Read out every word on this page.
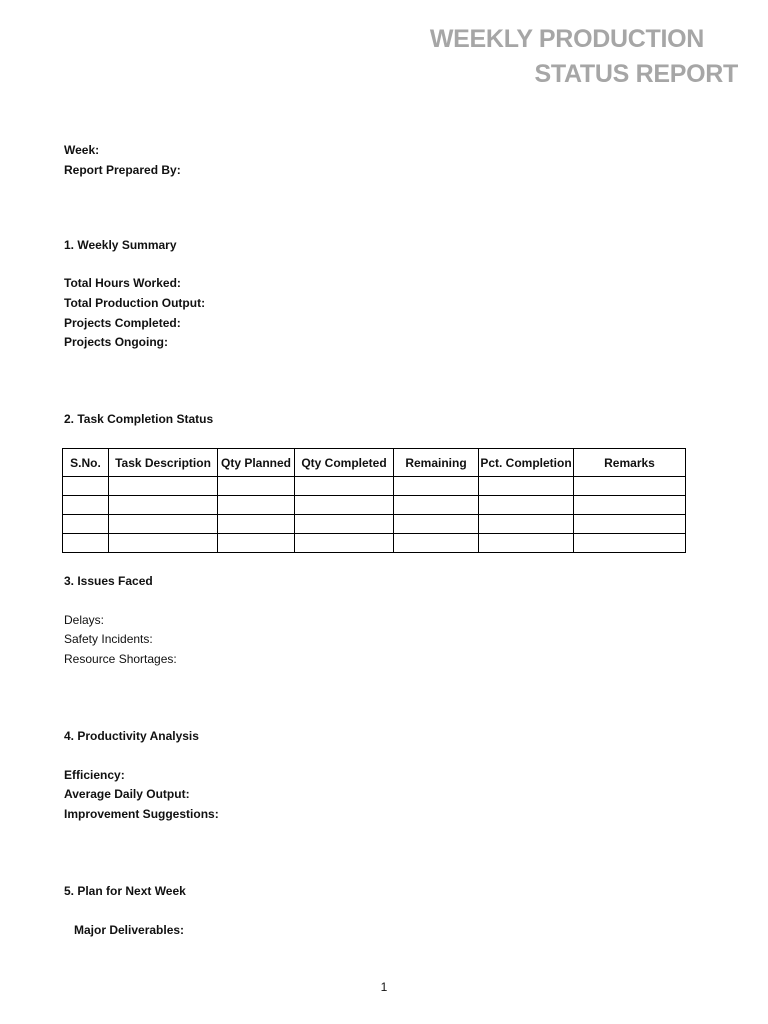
WEEKLY PRODUCTION
STATUS REPORT
Week:
Report Prepared By:
1. Weekly Summary
Total Hours Worked:
Total Production Output:
Projects Completed:
Projects Ongoing:
2. Task Completion Status
S.No.	Task Description	Qty Planned	Qty Completed	Remaining	Pct. Completion	Remarks

3. Issues Faced
Delays:
Safety Incidents:
Resource Shortages:
4. Productivity Analysis
Efficiency:
Average Daily Output:
Improvement Suggestions:
5. Plan for Next Week
Major Deliverables:
1
